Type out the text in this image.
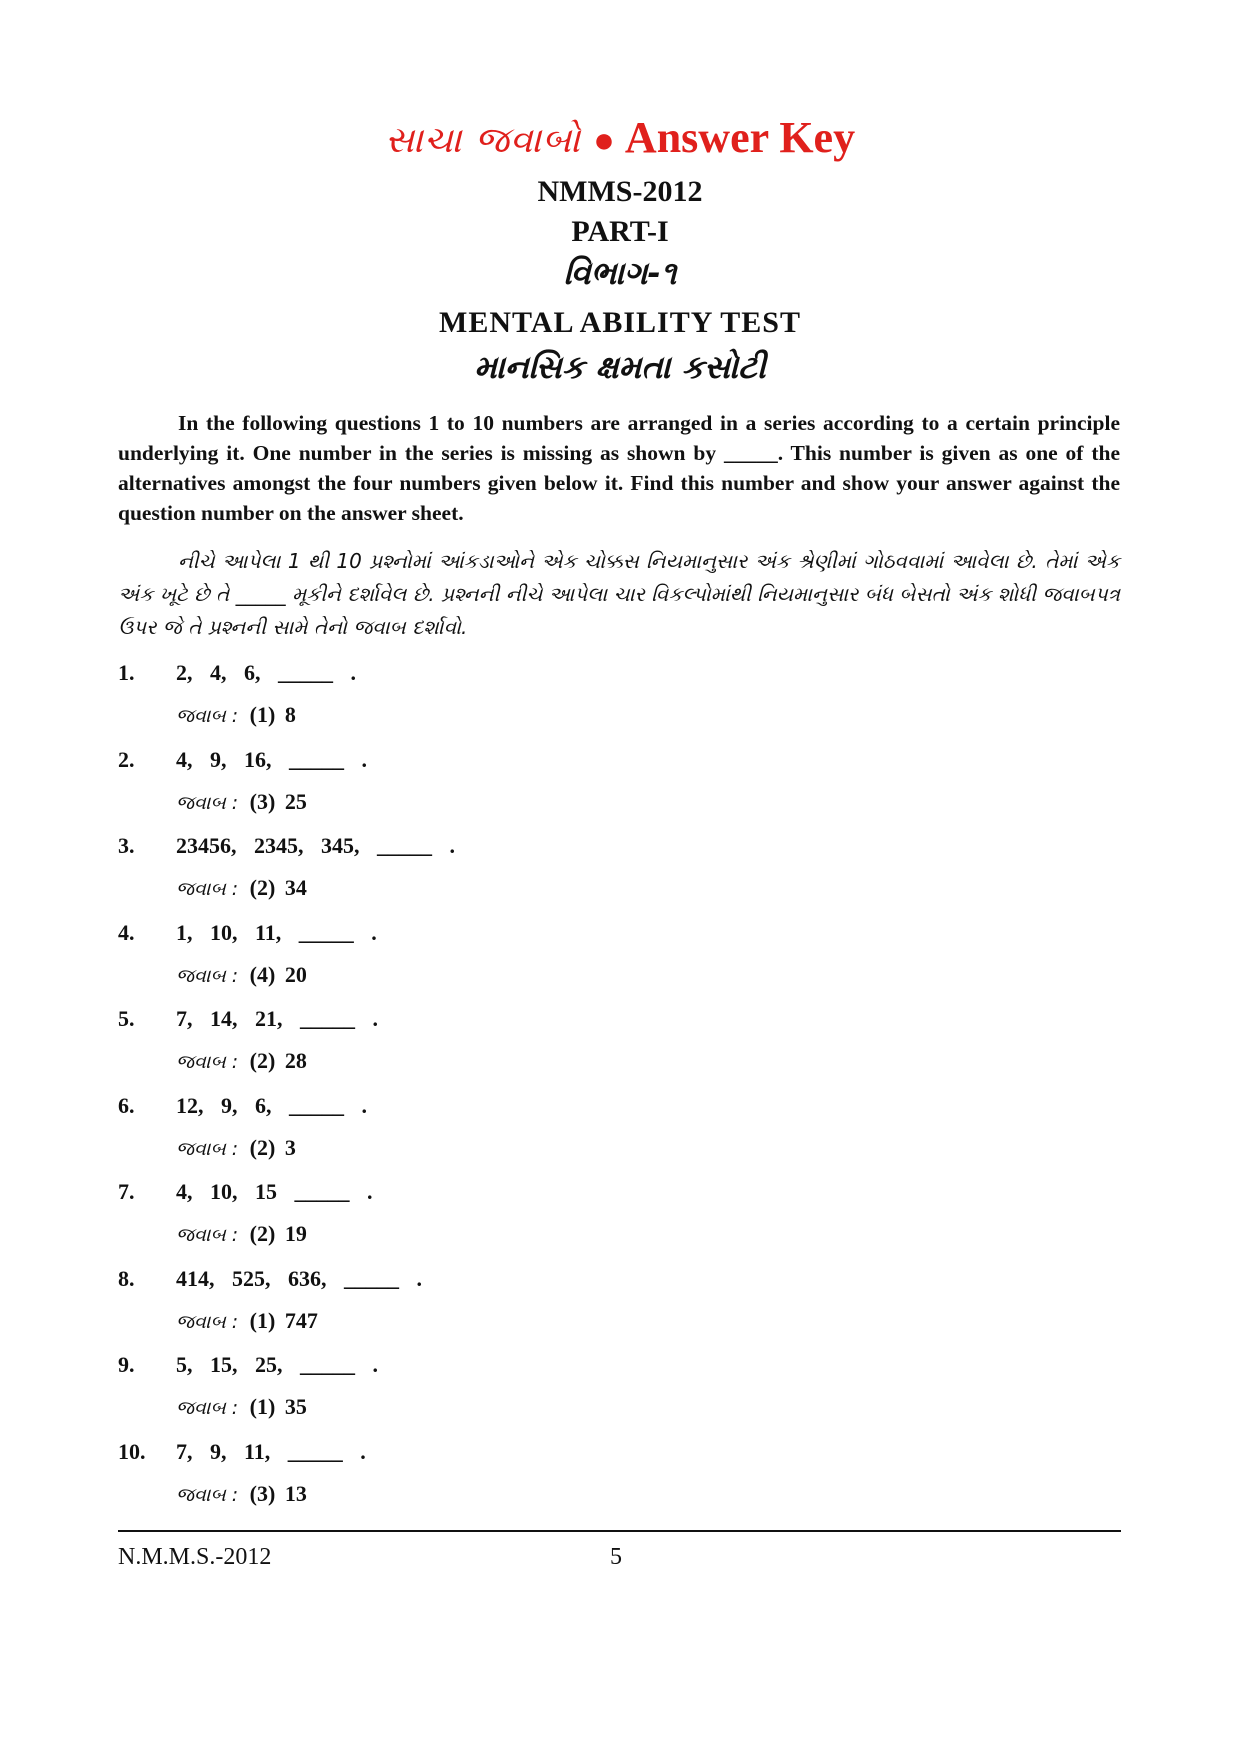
સાચા જવાબો ● Answer Key
NMMS-2012
PART-I
વિભાગ-૧
MENTAL ABILITY TEST
માનસિક ક્ષમતા કસોટી
In the following questions 1 to 10 numbers are arranged in a series according to a certain principle underlying it. One number in the series is missing as shown by _____. This number is given as one of the alternatives amongst the four numbers given below it. Find this number and show your answer against the question number on the answer sheet.
નીચે આપેલા 1 થી 10 પ્રશ્નોમાં આંકડાઓને એક ચોક્કસ નિયમાનુસાર અંક શ્રેણીમાં ગોઠવવામાં આવેલા છે. તેમાં એક અંક ખૂટે છે તે _____ મૂકીને દર્શાવેલ છે. પ્રશ્નની નીચે આપેલા ચાર વિકલ્પોમાંથી નિયમાનુસાર બંધ બેસતો અંક શોધી જવાબપત્ર ઉપર જે તે પ્રશ્નની સામે તેનો જવાબ દર્શાવો.
1. 2, 4, 6, _____ .
જવાબ : (1) 8
2. 4, 9, 16, _____ .
જવાબ : (3) 25
3. 23456, 2345, 345, _____ .
જવાબ : (2) 34
4. 1, 10, 11, _____ .
જવાબ : (4) 20
5. 7, 14, 21, _____ .
જવાબ : (2) 28
6. 12, 9, 6, _____ .
જવાબ : (2) 3
7. 4, 10, 15 _____ .
જવાબ : (2) 19
8. 414, 525, 636, _____ .
જવાબ : (1) 747
9. 5, 15, 25, _____ .
જવાબ : (1) 35
10. 7, 9, 11, _____ .
જવાબ : (3) 13
N.M.M.S.-2012	5
